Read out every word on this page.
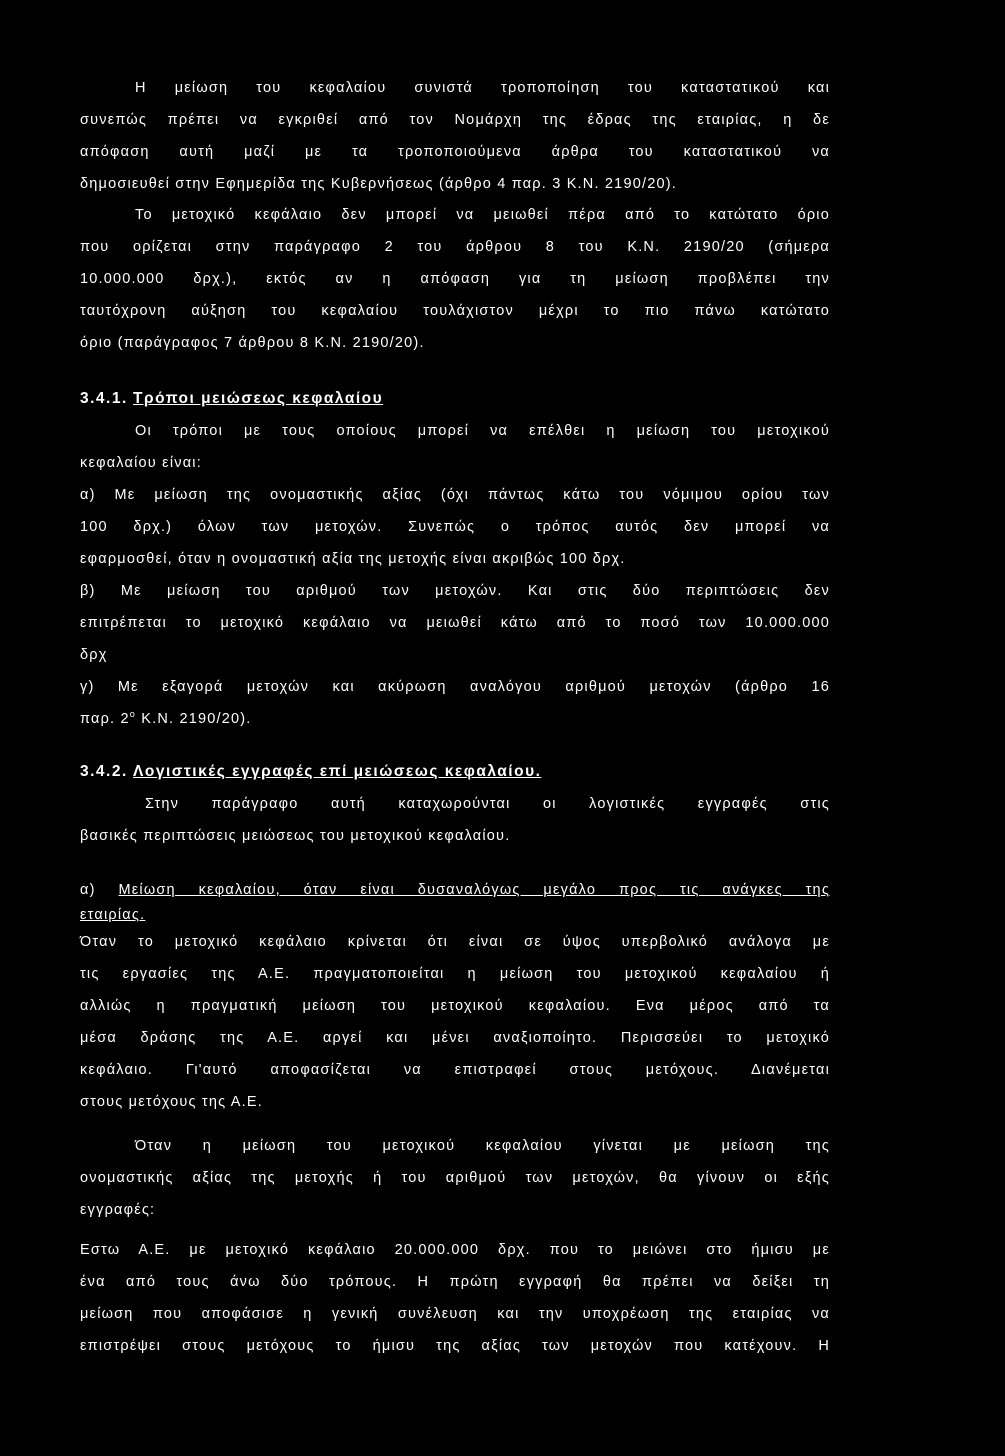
Η μείωση του κεφαλαίου συνιστά τροποποίηση του καταστατικού και
συνεπώς πρέπει να εγκριθεί από τον Νομάρχη της έδρας της εταιρίας, η δε
απόφαση αυτή μαζί με τα τροποποιούμενα άρθρα του καταστατικού να
δημοσιευθεί στην Εφημερίδα της Κυβερνήσεως (άρθρο 4 παρ. 3 Κ.Ν. 2190/20).
Το μετοχικό κεφάλαιο δεν μπορεί να μειωθεί πέρα από το κατώτατο όριο
που ορίζεται στην παράγραφο 2 του άρθρου 8 του Κ.Ν. 2190/20 (σήμερα
10.000.000 δρχ.), εκτός αν η απόφαση για τη μείωση προβλέπει την
ταυτόχρονη αύξηση του κεφαλαίου τουλάχιστον μέχρι το πιο πάνω κατώτατο
όριο (παράγραφος 7 άρθρου 8 Κ.Ν. 2190/20).
3.4.1. Τρόποι μειώσεως κεφαλαίου
Οι τρόποι με τους οποίους μπορεί να επέλθει η μείωση του μετοχικού
κεφαλαίου είναι:
α) Με μείωση της ονομαστικής αξίας (όχι πάντως κάτω του νόμιμου ορίου των
100 δρχ.) όλων των μετοχών. Συνεπώς ο τρόπος αυτός δεν μπορεί να
εφαρμοσθεί, όταν η ονομαστική αξία της μετοχής είναι ακριβώς 100 δρχ.
β) Με μείωση του αριθμού των μετοχών. Και στις δύο περιπτώσεις δεν
επιτρέπεται το μετοχικό κεφάλαιο να μειωθεί κάτω από το ποσό των 10.000.000
δρχ
γ) Με εξαγορά μετοχών και ακύρωση αναλόγου αριθμού μετοχών (άρθρο 16
παρ. $2^o$ Κ.Ν. 2190/20).
3.4.2. Λογιστικές εγγραφές επί μειώσεως κεφαλαίου.
Στην παράγραφο αυτή καταχωρούνται οι λογιστικές εγγραφές στις
βασικές περιπτώσεις μειώσεως του μετοχικού κεφαλαίου.
α) Μείωση κεφαλαίου, όταν είναι δυσαναλόγως μεγάλο προς τις ανάγκες της
εταιρίας.
Όταν το μετοχικό κεφάλαιο κρίνεται ότι είναι σε ύψος υπερβολικό ανάλογα με
τις εργασίες της Α.Ε. πραγματοποιείται η μείωση του μετοχικού κεφαλαίου ή
αλλιώς η πραγματική μείωση του μετοχικού κεφαλαίου. Ενα μέρος από τα
μέσα δράσης της Α.Ε. αργεί και μένει αναξιοποίητο. Περισσεύει το μετοχικό
κεφάλαιο. Γι'αυτό αποφασίζεται να επιστραφεί στους μετόχους. Διανέμεται
στους μετόχους της Α.Ε.
Όταν η μείωση του μετοχικού κεφαλαίου γίνεται με μείωση της
ονομαστικής αξίας της μετοχής ή του αριθμού των μετοχών, θα γίνουν οι εξής
εγγραφές:
Εστω Α.Ε. με μετοχικό κεφάλαιο 20.000.000 δρχ. που το μειώνει στο ήμισυ με
ένα από τους άνω δύο τρόπους. Η πρώτη εγγραφή θα πρέπει να δείξει τη
μείωση που αποφάσισε η γενική συνέλευση και την υποχρέωση της εταιρίας να
επιστρέψει στους μετόχους το ήμισυ της αξίας των μετοχών που κατέχουν. Η
